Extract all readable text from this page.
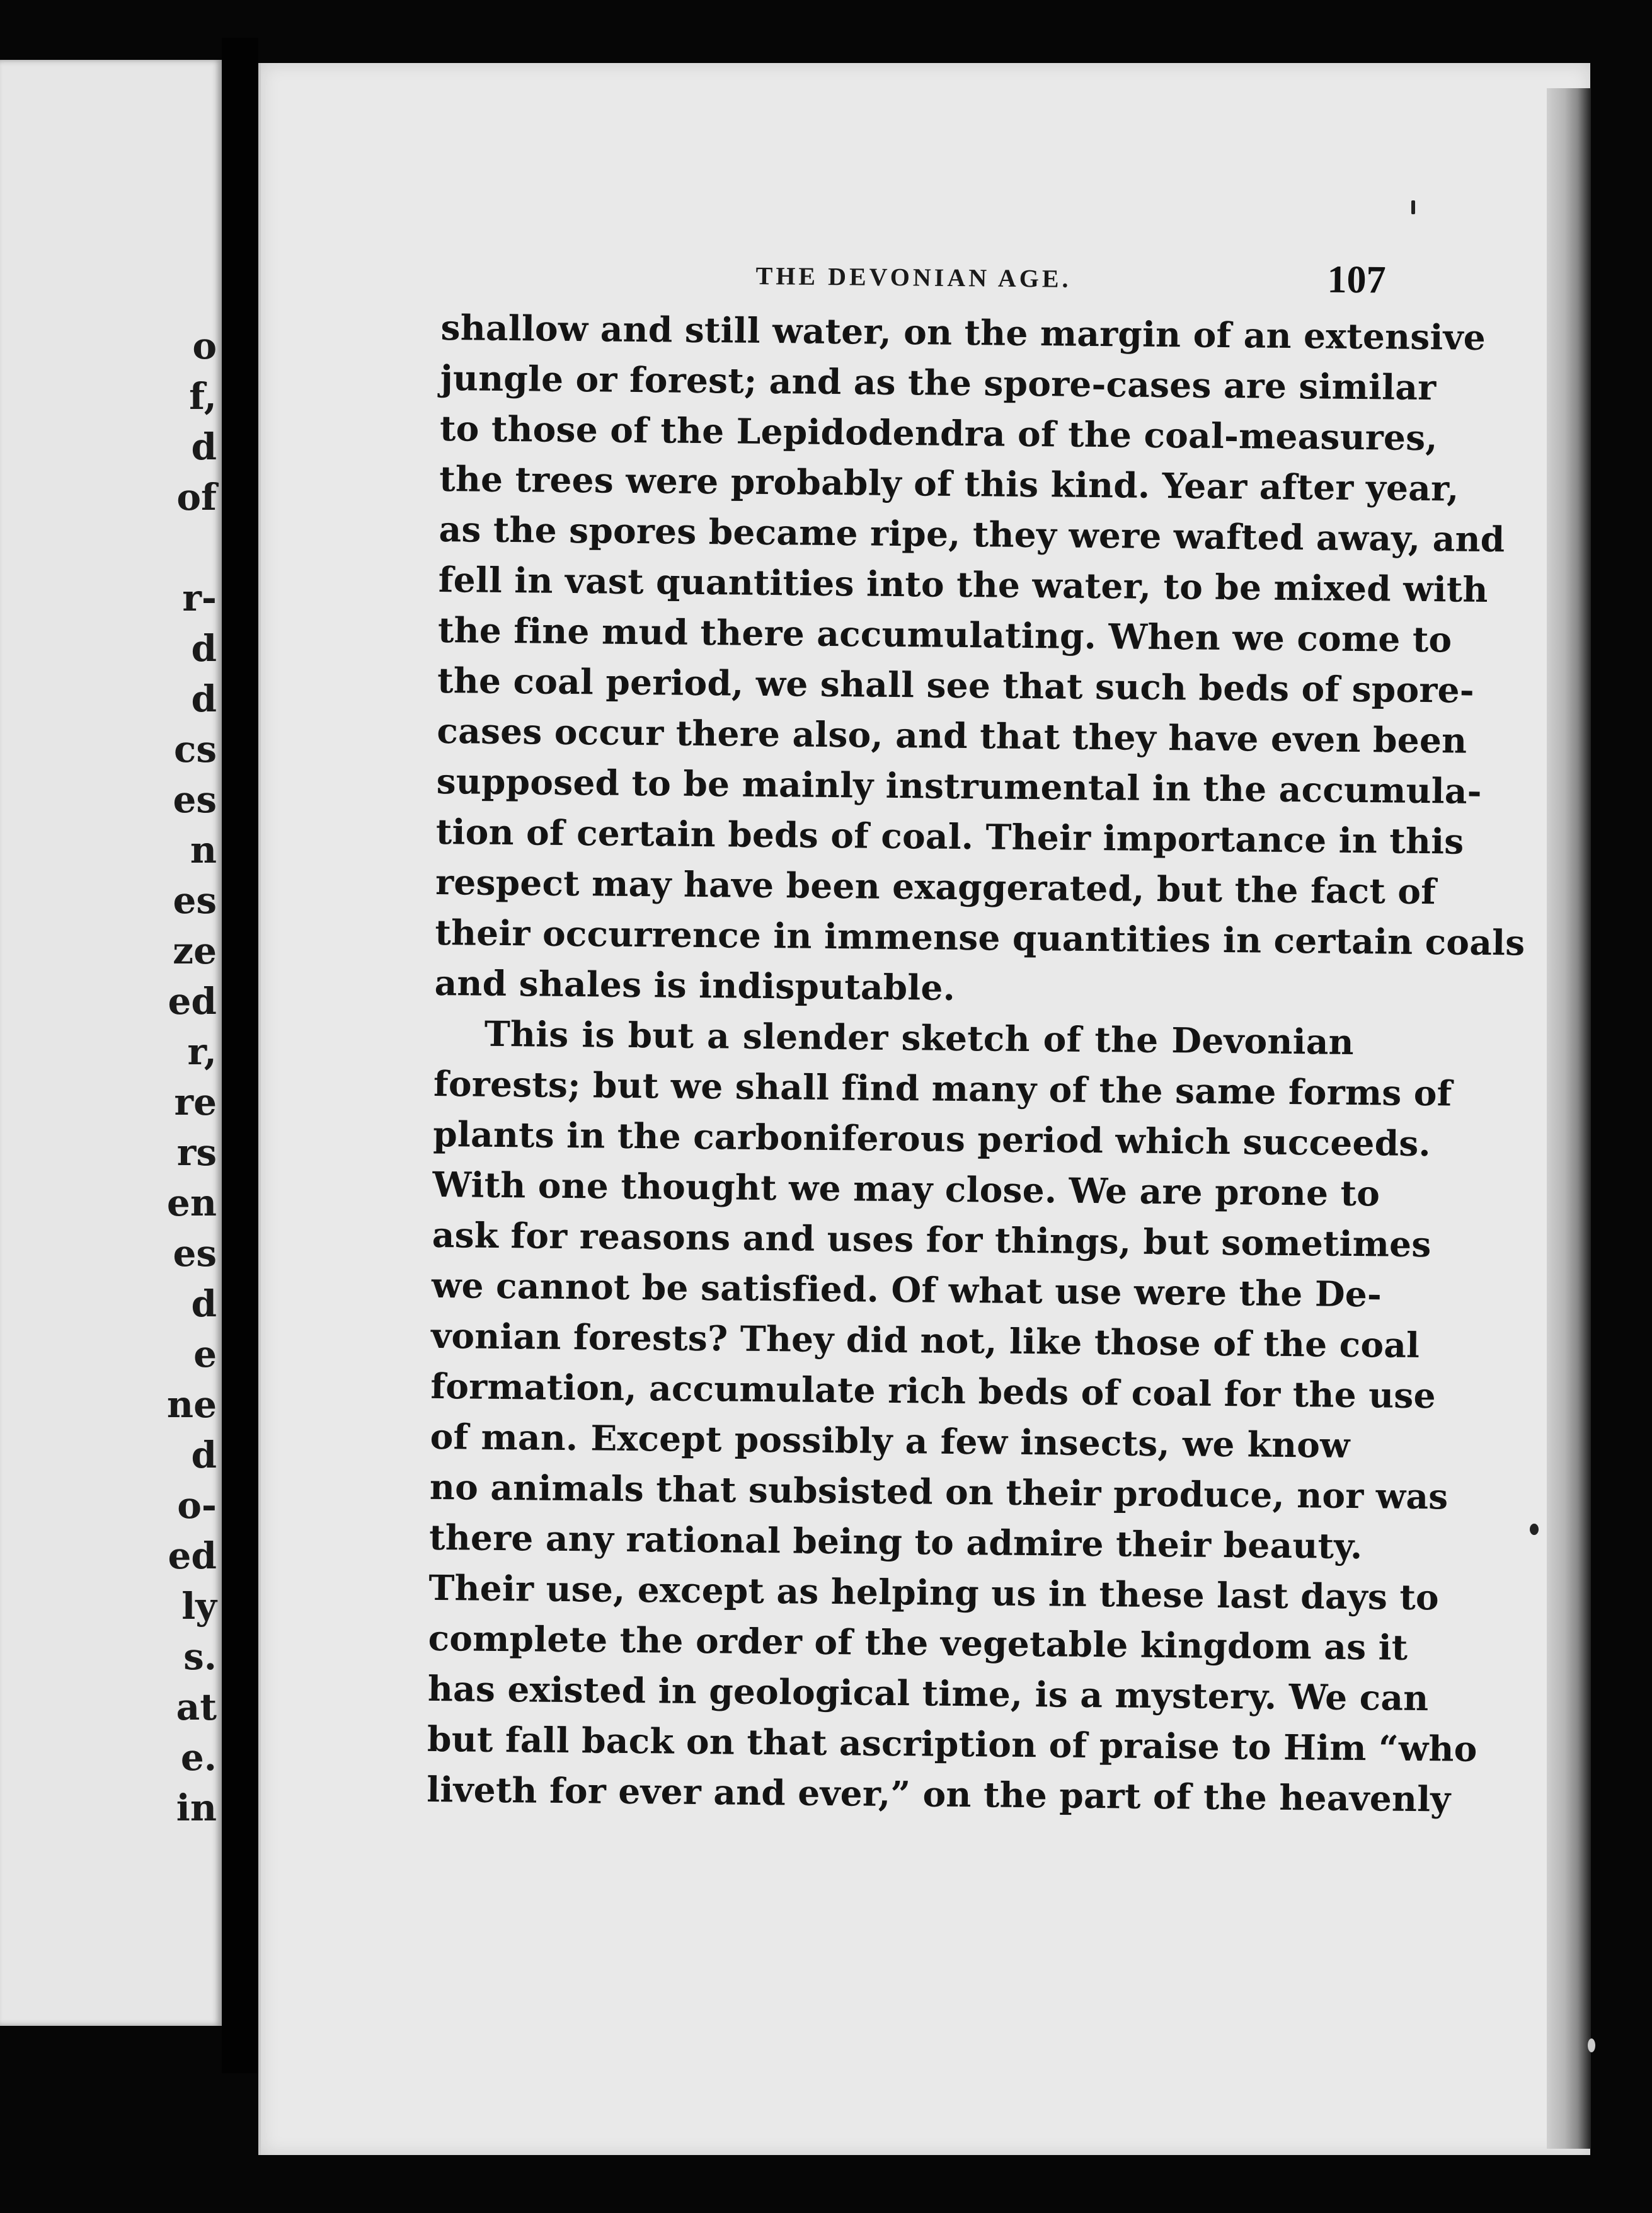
o
f,
d
of
r-
d
d
cs
es
n
es
ze
ed
r,
re
rs
en
es
d
e
ne
d
o-
ed
ly
s.
at
e.
in
THE DEVONIAN AGE.	107
shallow and still water, on the margin of an extensive
jungle or forest; and as the spore-cases are similar
to those of the Lepidodendra of the coal-measures,
the trees were probably of this kind. Year after year,
as the spores became ripe, they were wafted away, and
fell in vast quantities into the water, to be mixed with
the fine mud there accumulating. When we come to
the coal period, we shall see that such beds of spore-
cases occur there also, and that they have even been
supposed to be mainly instrumental in the accumula-
tion of certain beds of coal. Their importance in this
respect may have been exaggerated, but the fact of
their occurrence in immense quantities in certain coals
and shales is indisputable.
This is but a slender sketch of the Devonian
forests; but we shall find many of the same forms of
plants in the carboniferous period which succeeds.
With one thought we may close. We are prone to
ask for reasons and uses for things, but sometimes
we cannot be satisfied. Of what use were the De-
vonian forests? They did not, like those of the coal
formation, accumulate rich beds of coal for the use
of man. Except possibly a few insects, we know
no animals that subsisted on their produce, nor was
there any rational being to admire their beauty.
Their use, except as helping us in these last days to
complete the order of the vegetable kingdom as it
has existed in geological time, is a mystery. We can
but fall back on that ascription of praise to Him “who
liveth for ever and ever,” on the part of the heavenly
